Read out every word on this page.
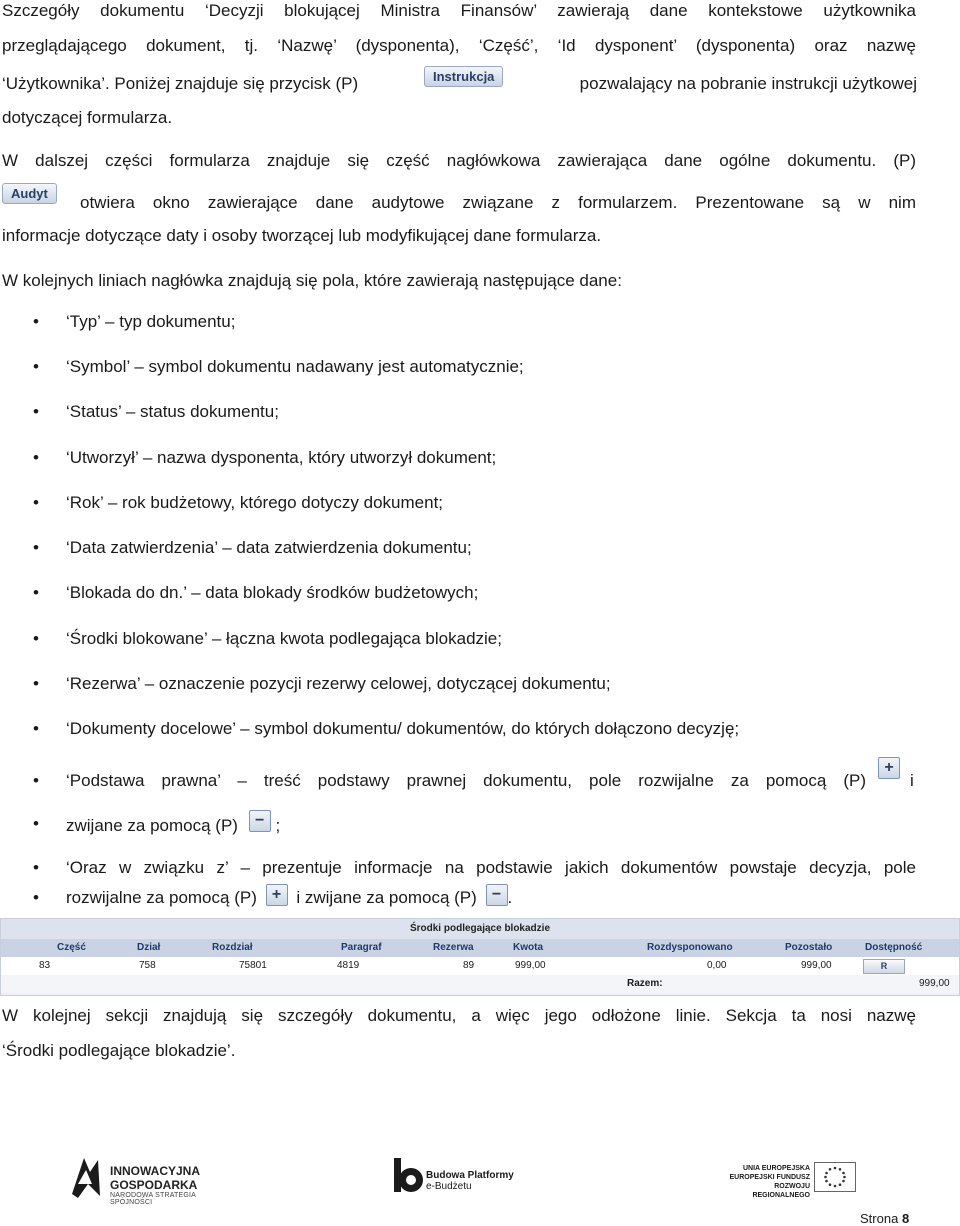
Szczegóły dokumentu ‘Decyzji blokującej Ministra Finansów’ zawierają dane kontekstowe użytkownika

przeglądającego dokument, tj. ‘Nazwę’ (dysponenta), ‘Część’, ‘Id dysponent’ (dysponenta) oraz nazwę

‘Użytkownika’. Poniżej znajduje się przycisk (P)	Instrukcja	pozwalający na pobranie instrukcji użytkowej

dotyczącej formularza.

W dalszej części formularza znajduje się część nagłówkowa zawierająca dane ogólne dokumentu. (P)

Audyt	otwiera okno zawierające dane audytowe związane z formularzem. Prezentowane są w nim

informacje dotyczące daty i osoby tworzącej lub modyfikującej dane formularza.

W kolejnych liniach nagłówka znajdują się pola, które zawierają następujące dane:

• ‘Typ’ – typ dokumentu;
• ‘Symbol’ – symbol dokumentu nadawany jest automatycznie;
• ‘Status’ – status dokumentu;
• ‘Utworzył’ – nazwa dysponenta, który utworzył dokument;
• ‘Rok’ – rok budżetowy, którego dotyczy dokument;
• ‘Data zatwierdzenia’ – data zatwierdzenia dokumentu;
• ‘Blokada do dn.’ – data blokady środków budżetowych;
• ‘Środki blokowane’ – łączna kwota podlegająca blokadzie;
• ‘Rezerwa’ – oznaczenie pozycji rezerwy celowej, dotyczącej dokumentu;
• ‘Dokumenty docelowe’ – symbol dokumentu/ dokumentów, do których dołączono decyzję;
• ‘Podstawa prawna’ – treść podstawy prawnej dokumentu, pole rozwijalne za pomocą (P)
+
i

• zwijane za pomocą (P) − ;
• ‘Oraz w związku z’ – prezentuje informacje na podstawie jakich dokumentów powstaje decyzja, pole
• rozwijalne za pomocą (P) + i zwijane za pomocą (P) − .
Środki podlegające blokadzie
Część	Dział	Rozdział	Paragraf	Rezerwa	Kwota	Rozdysponowano	Pozostało	Dostępność
83	758	75801	4819	89	999,00	0,00	999,00	R
Razem:	999,00

W kolejnej sekcji znajdują się szczegóły dokumentu, a więc jego odłożone linie. Sekcja ta nosi nazwę

‘Środki podlegające blokadzie’.

INNOWACYJNA
GOSPODARKA
NARODOWA STRATEGIA SPÓJNOŚCI
Budowa Platformy
e-Budżetu
UNIA EUROPEJSKA
EUROPEJSKI FUNDUSZ
ROZWOJU REGIONALNEGO
Strona 8
